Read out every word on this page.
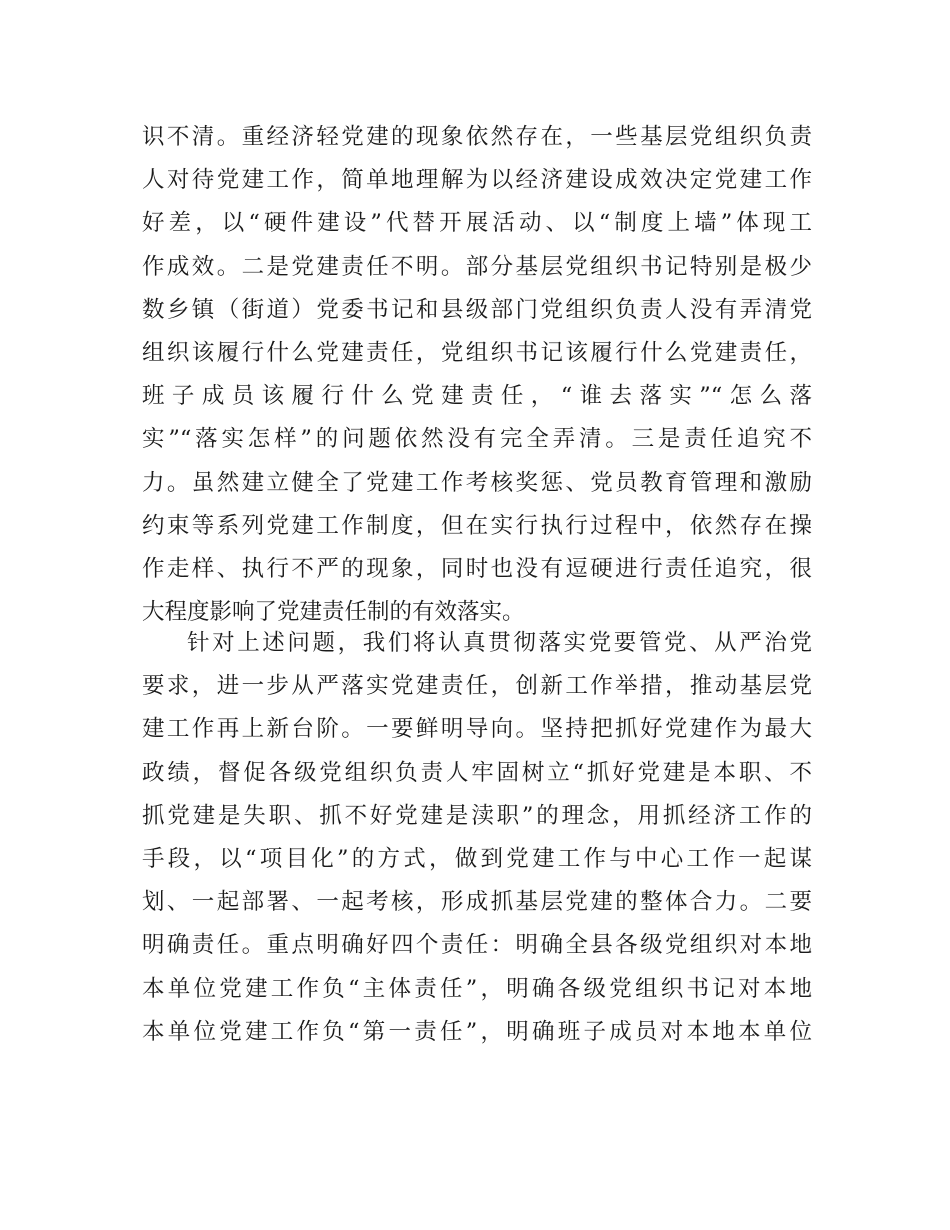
识不清。重经济轻党建的现象依然存在，一些基层党组织负责
人对待党建工作，简单地理解为以经济建设成效决定党建工作
好差，以“硬件建设”代替开展活动、以“制度上墙”体现工
作成效。二是党建责任不明。部分基层党组织书记特别是极少
数乡镇（街道）党委书记和县级部门党组织负责人没有弄清党
组织该履行什么党建责任，党组织书记该履行什么党建责任，
班子成员该履行什么党建责任，“谁去落实”“怎么落
实”“落实怎样”的问题依然没有完全弄清。三是责任追究不
力。虽然建立健全了党建工作考核奖惩、党员教育管理和激励
约束等系列党建工作制度，但在实行执行过程中，依然存在操
作走样、执行不严的现象，同时也没有逗硬进行责任追究，很
大程度影响了党建责任制的有效落实。
针对上述问题，我们将认真贯彻落实党要管党、从严治党
要求，进一步从严落实党建责任，创新工作举措，推动基层党
建工作再上新台阶。一要鲜明导向。坚持把抓好党建作为最大
政绩，督促各级党组织负责人牢固树立“抓好党建是本职、不
抓党建是失职、抓不好党建是渎职”的理念，用抓经济工作的
手段，以“项目化”的方式，做到党建工作与中心工作一起谋
划、一起部署、一起考核，形成抓基层党建的整体合力。二要
明确责任。重点明确好四个责任：明确全县各级党组织对本地
本单位党建工作负“主体责任”，明确各级党组织书记对本地
本单位党建工作负“第一责任”，明确班子成员对本地本单位
